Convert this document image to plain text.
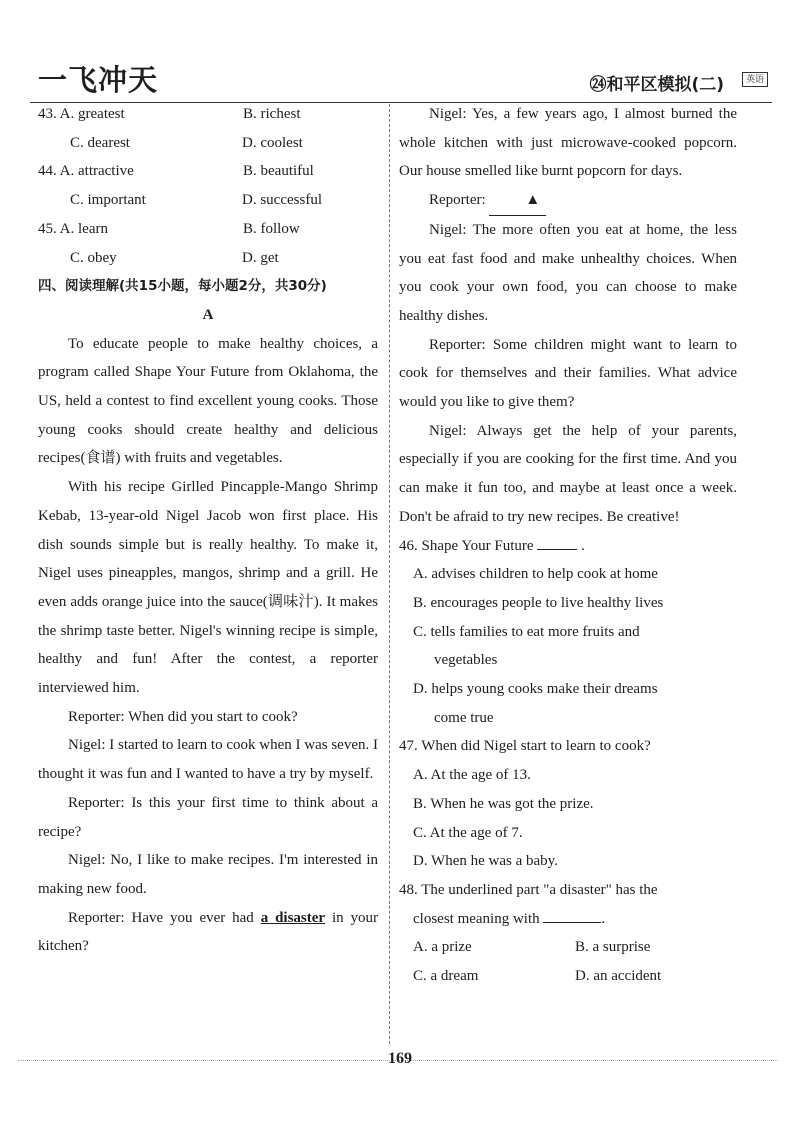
一飞冲天	㉔和平区模拟(二)	英语
43. A. greatest	B. richest
C. dearest	D. coolest
44. A. attractive	B. beautiful
C. important	D. successful
45. A. learn	B. follow
C. obey	D. get

四、阅读理解(共15小题，每小题2分，共30分)

A

To educate people to make healthy choices, a program called Shape Your Future from Oklahoma, the US, held a contest to find excellent young cooks. Those young cooks should create healthy and delicious recipes(食谱) with fruits and vegetables.

With his recipe Girlled Pincapple-Mango Shrimp Kebab, 13-year-old Nigel Jacob won first place. His dish sounds simple but is really healthy. To make it, Nigel uses pineapples, mangos, shrimp and a grill. He even adds orange juice into the sauce(调味汁). It makes the shrimp taste better. Nigel's winning recipe is simple, healthy and fun! After the contest, a reporter interviewed him.

Reporter: When did you start to cook?

Nigel: I started to learn to cook when I was seven. I thought it was fun and I wanted to have a try by myself.

Reporter: Is this your first time to think about a recipe?

Nigel: No, I like to make recipes. I'm interested in making new food.

Reporter: Have you ever had a disaster in your kitchen?

Nigel: Yes, a few years ago, I almost burned the whole kitchen with just microwave-cooked popcorn. Our house smelled like burnt popcorn for days.

Reporter: ▲

Nigel: The more often you eat at home, the less you eat fast food and make unhealthy choices. When you cook your own food, you can choose to make healthy dishes.

Reporter: Some children might want to learn to cook for themselves and their families. What advice would you like to give them?

Nigel: Always get the help of your parents, especially if you are cooking for the first time. And you can make it fun too, and maybe at least once a week. Don't be afraid to try new recipes. Be creative!

46. Shape Your Future	.

A. advises children to help cook at home

B. encourages people to live healthy lives

C. tells families to eat more fruits and
vegetables

D. helps young cooks make their dreams
come true

47. When did Nigel start to learn to cook?

A. At the age of 13.

B. When he was got the prize.

C. At the age of 7.

D. When he was a baby.

48. The underlined part "a disaster" has the

closest meaning with	.

A. a prize	B. a surprise
C. a dream	D. an accident
169
